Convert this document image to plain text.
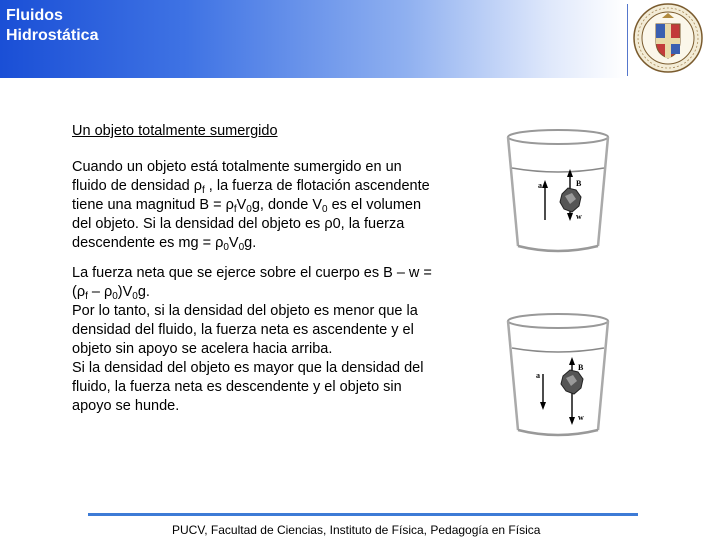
Fluidos
Hidrostática
Un objeto totalmente sumergido
Cuando un objeto está totalmente sumergido en un
fluido de densidad $\rho_f$ , la fuerza de flotación ascendente
tiene una magnitud $B = \rho_fV_0g$, donde $V_0$ es el volumen
del objeto. Si la densidad del objeto es ρ0, la fuerza
descendente es mg = $\rho_0V_0g$.
La fuerza neta que se ejerce sobre el cuerpo es B – w =
$(\rho_f - \rho_0)V_0g$.
Por lo tanto, si la densidad del objeto es menor que la
densidad del fluido, la fuerza neta es ascendente y el
objeto sin apoyo se acelera hacia arriba.
Si la densidad del objeto es mayor que la densidad del
fluido, la fuerza neta es descendente y el objeto sin
apoyo se hunde.
a	B
w
a
B
w
PUCV, Facultad de Ciencias, Instituto de Física, Pedagogía en Física
